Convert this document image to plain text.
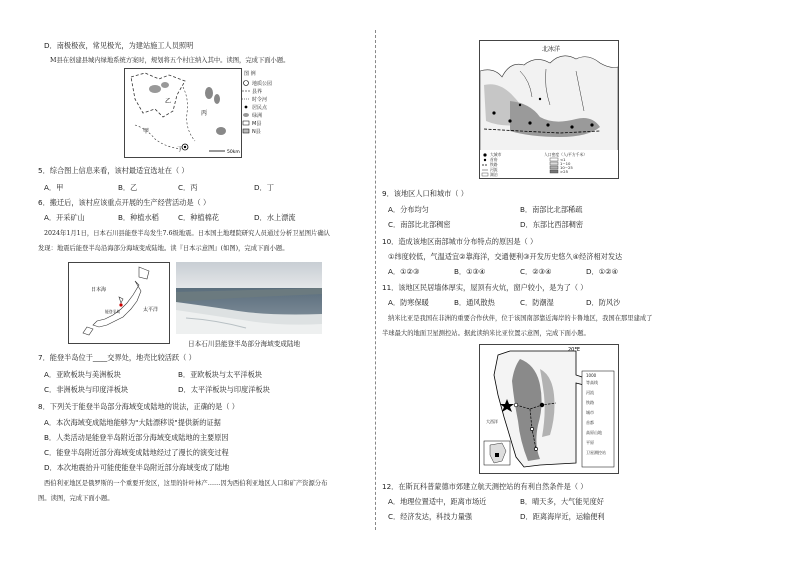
D．南极极夜，常见极光，为建站施工人员照明
M县在创建县城内绿地系统方案时，规划将五个村庄纳入其中。读图，完成下面小题。
甲
乙
丙
丁	50km
图 例
地质公园
县界
时令河
居民点
绿洲
M县
N县
5．综合图上信息来看，该村最适宜选址在（ ）
A．甲	B．乙	C．丙	D．丁
6．搬迁后，该村应该重点开展的生产经营活动是（ ）
A．开采矿山	B．种植水稻	C．种植棉花	D．水上漂流
2024年1月1日，日本石川县能登半岛发生7.6级地震。日本国土地理院研究人员通过分析卫星图片确认
发现：地震后能登半岛沿海部分海域变成陆地。读『日本示意图』(如图)，完成下面小题。
日本海
太平洋
能登半岛
日本石川县能登半岛部分海域变成陆地
7．能登半岛位于____交界处，地壳比较活跃（ ）
A．亚欧板块与美洲板块	B．亚欧板块与太平洋板块
C．非洲板块与印度洋板块	D．太平洋板块与印度洋板块
8．下列关于能登半岛部分海域变成陆地的说法，正确的是（ ）
A．本次海域变成陆地能够为"大陆漂移说"提供新的证据
B．人类活动是能登半岛附近部分海域变成陆地的主要原因
C．能登半岛附近部分海域变成陆地经过了漫长的演变过程
D．本次地震抬升可能使能登半岛附近部分海域变成了陆地
西伯利亚地区是俄罗斯的一个重要开发区，这里的针叶林产……因为西伯利亚地区人口和矿产资源分布
图。读图，完成下面小题。
北冰洋
大城市
首府
铁路
河流
湖泊
人口密度（人/平方千米）
<1
1~10
10~25
>25
9．该地区人口和城市（ ）
A．分布均匀	B．南部比北部稀疏
C．南部比北部稠密	D．东部比西部稠密
10．造成该地区南部城市分布特点的原因是（ ）
①纬度较低，气温适宜②靠海洋，交通便利③开发历史悠久④经济相对发达
A．①②③	B．①③④	C．②③④	D．①②④
11．该地区民居墙体厚实，屋顶有火炕，窗户较小，是为了（ ）
A．防寒保暖	B．通风散热	C．防潮湿	D．防风沙
纳米比亚是我国在非洲的重要合作伙伴，位于该国南部靠近海岸的卡鲁地区，我国在那里建成了
半球最大的地面卫星测控站。据此读纳米比亚位置示意图，完成下面小题。
20°E
大西洋
1000
等高线
河流
铁路
城市
首都
高原山地
平原
卫星测控站
12．在斯瓦科普蒙德市郊建立航天测控站的有利自然条件是（ ）
A．地理位置适中，距离市场近	B．晴天多，大气能见度好
C．经济发达，科技力量强	D．距离海岸近，运输便利
